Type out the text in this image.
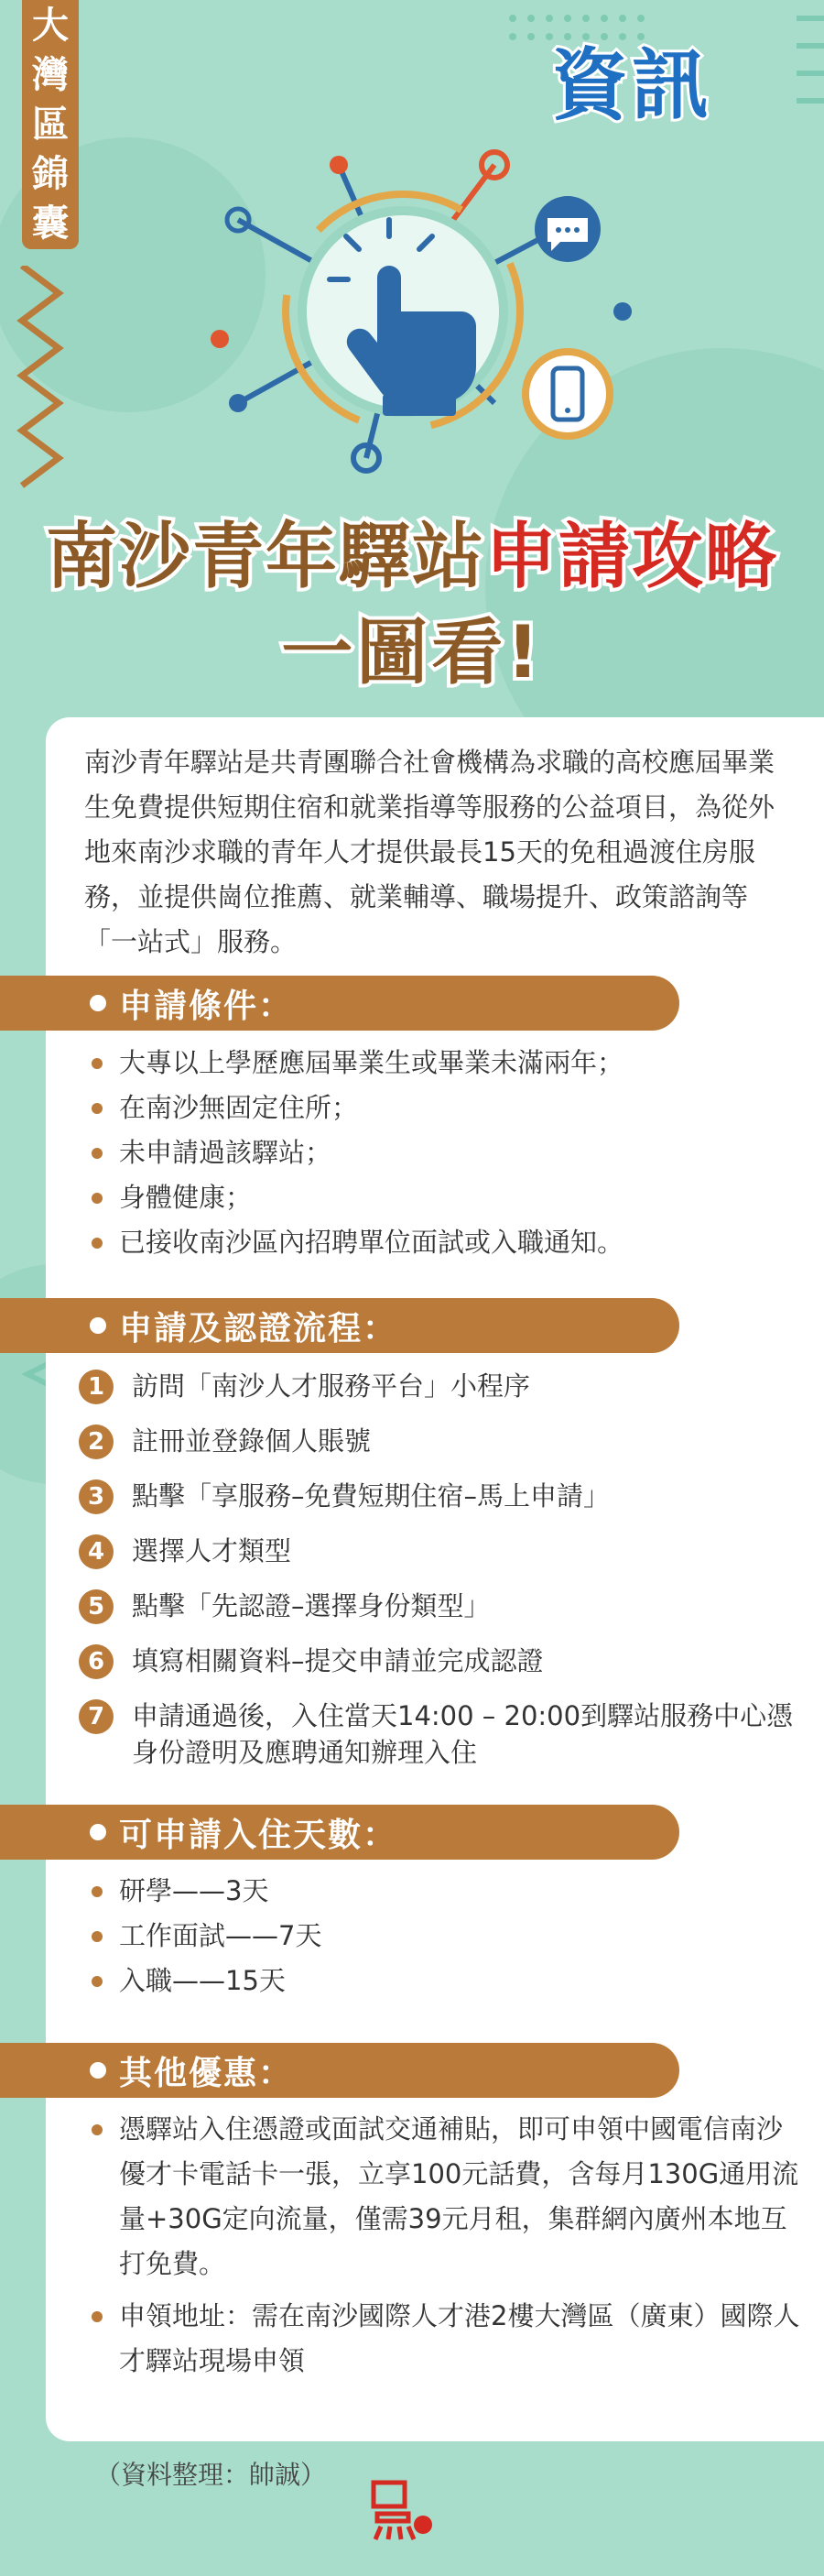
大
灣
區
錦
囊
資訊
南沙青年驛站申請攻略
一圖看!

南沙青年驛站是共青團聯合社會機構為求職的高校應屆畢業生免費提供短期住宿和就業指導等服務的公益項目，為從外地來南沙求職的青年人才提供最長15天的免租過渡住房服務，並提供崗位推薦、就業輔導、職場提升、政策諮詢等「一站式」服務。

申請條件：
大專以上學歷應屆畢業生或畢業未滿兩年；
在南沙無固定住所；
未申請過該驛站；
身體健康；
已接收南沙區內招聘單位面試或入職通知。
申請及認證流程：
1	訪問「南沙人才服務平台」小程序
2	註冊並登錄個人賬號
3	點擊「享服務–免費短期住宿–馬上申請」
4	選擇人才類型
5	點擊「先認證–選擇身份類型」
6	填寫相關資料–提交申請並完成認證
7	申請通過後，入住當天14:00 – 20:00到驛站服務中心憑身份證明及應聘通知辦理入住
可申請入住天數：
研學——3天
工作面試——7天
入職——15天
其他優惠：
憑驛站入住憑證或面試交通補貼，即可申領中國電信南沙優才卡電話卡一張，立享100元話費，含每月130G通用流量+30G定向流量，僅需39元月租，集群網內廣州本地互打免費。
申領地址：需在南沙國際人才港2樓大灣區（廣東）國際人才驛站現場申領
（資料整理：帥誠）
